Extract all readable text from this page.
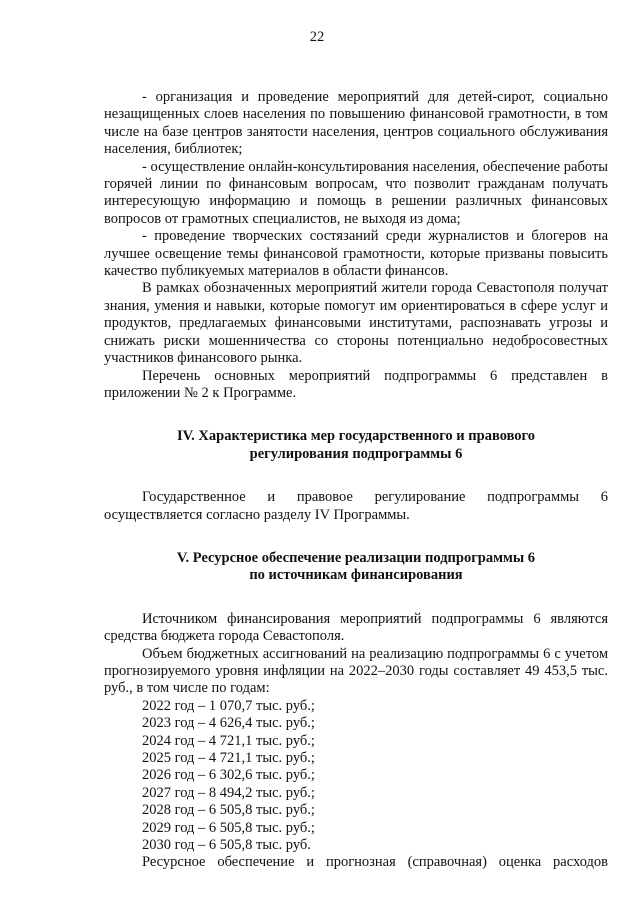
22

- организация и проведение мероприятий для детей-сирот, социально незащищенных слоев населения по повышению финансовой грамотности, в том числе на базе центров занятости населения, центров социального обслуживания населения, библиотек;

- осуществление онлайн-консультирования населения, обеспечение работы горячей линии по финансовым вопросам, что позволит гражданам получать интересующую информацию и помощь в решении различных финансовых вопросов от грамотных специалистов, не выходя из дома;

- проведение творческих состязаний среди журналистов и блогеров на лучшее освещение темы финансовой грамотности, которые призваны повысить качество публикуемых материалов в области финансов.

В рамках обозначенных мероприятий жители города Севастополя получат знания, умения и навыки, которые помогут им ориентироваться в сфере услуг и продуктов, предлагаемых финансовыми институтами, распознавать угрозы и снижать риски мошенничества со стороны потенциально недобросовестных участников финансового рынка.

Перечень основных мероприятий подпрограммы 6 представлен в приложении № 2 к Программе.

IV. Характеристика мер государственного и правового
регулирования подпрограммы 6

Государственное и правовое регулирование подпрограммы 6 осуществляется согласно разделу IV Программы.

V. Ресурсное обеспечение реализации подпрограммы 6
по источникам финансирования

Источником финансирования мероприятий подпрограммы 6 являются средства бюджета города Севастополя.

Объем бюджетных ассигнований на реализацию подпрограммы 6 с учетом прогнозируемого уровня инфляции на 2022–2030 годы составляет 49 453,5 тыс. руб., в том числе по годам:

2022 год – 1 070,7 тыс. руб.;
2023 год – 4 626,4 тыс. руб.;
2024 год – 4 721,1 тыс. руб.;
2025 год – 4 721,1 тыс. руб.;
2026 год – 6 302,6 тыс. руб.;
2027 год – 8 494,2 тыс. руб.;
2028 год – 6 505,8 тыс. руб.;
2029 год – 6 505,8 тыс. руб.;
2030 год – 6 505,8 тыс. руб.

Ресурсное обеспечение и прогнозная (справочная) оценка расходов
